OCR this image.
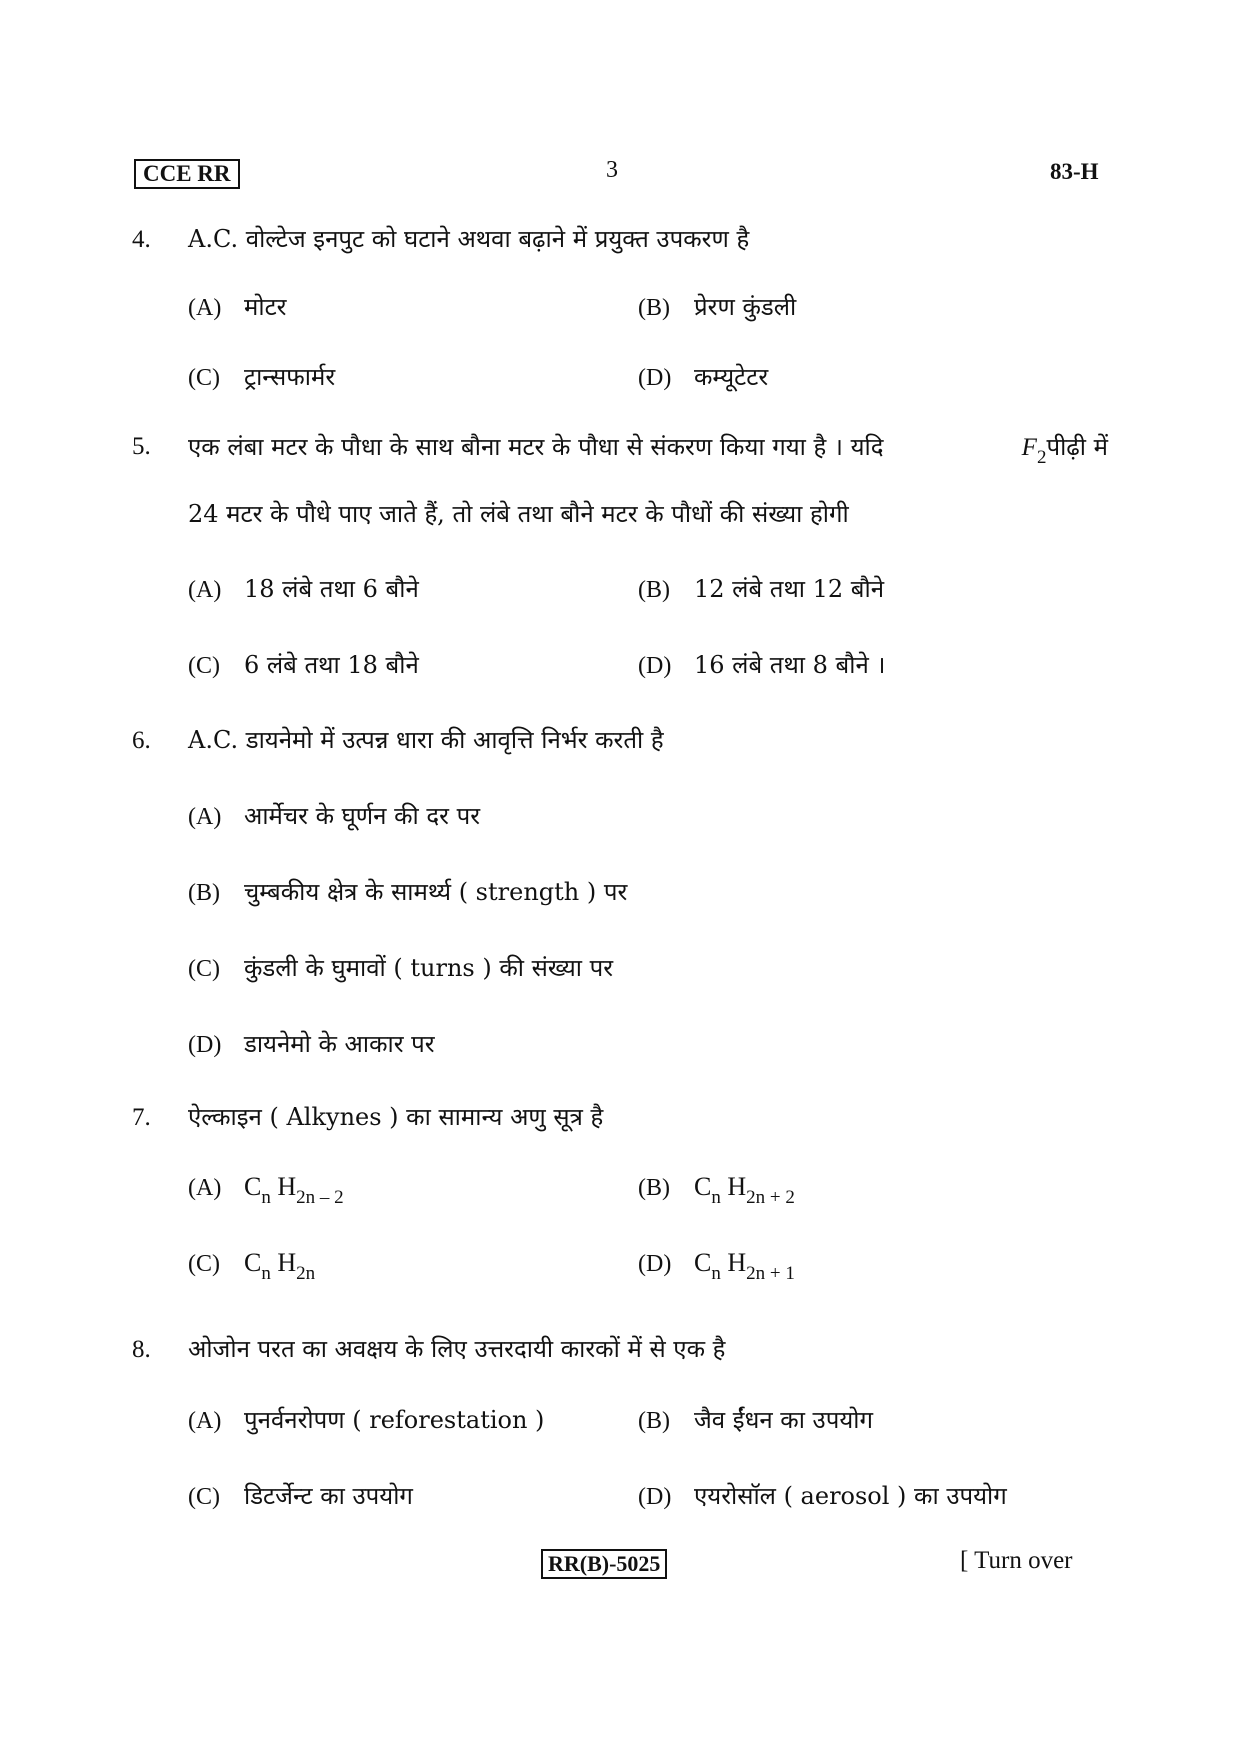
CCE RR	3	83-H
4. A.C. वोल्टेज इनपुट को घटाने अथवा बढ़ाने में प्रयुक्त उपकरण है
(A) मोटर	(B) प्रेरण कुंडली
(C) ट्रान्सफार्मर	(D) कम्यूटेटर
5. एक लंबा मटर के पौधा के साथ बौना मटर के पौधा से संकरण किया गया है । यदि	$F_2पीढ़ी$ में
24 मटर के पौधे पाए जाते हैं, तो लंबे तथा बौने मटर के पौधों की संख्या होगी
(A) 18 लंबे तथा 6 बौने	(B) 12 लंबे तथा 12 बौने
(C) 6 लंबे तथा 18 बौने	(D) 16 लंबे तथा 8 बौने ।
6. A.C. डायनेमो में उत्पन्न धारा की आवृत्ति निर्भर करती है
(A) आर्मेचर के घूर्णन की दर पर
(B) चुम्बकीय क्षेत्र के सामर्थ्य ( strength ) पर
(C) कुंडली के घुमावों ( turns ) की संख्या पर
(D) डायनेमो के आकार पर
7. ऐल्काइन ( Alkynes ) का सामान्य अणु सूत्र है
(A) $C_n$ $H_{2n - 2}$	(B) $C_n$ $H_{2n + 2}$
(C) $C_n$ $H_{2n}$	(D) $C_n$ $H_{2n + 1}$
8. ओजोन परत का अवक्षय के लिए उत्तरदायी कारकों में से एक है
(A) पुनर्वनरोपण ( reforestation )	(B) जैव ईंधन का उपयोग
(C) डिटर्जेन्ट का उपयोग	(D) एयरोसॉल ( aerosol ) का उपयोग
RR(B)-5025	[ Turn over
